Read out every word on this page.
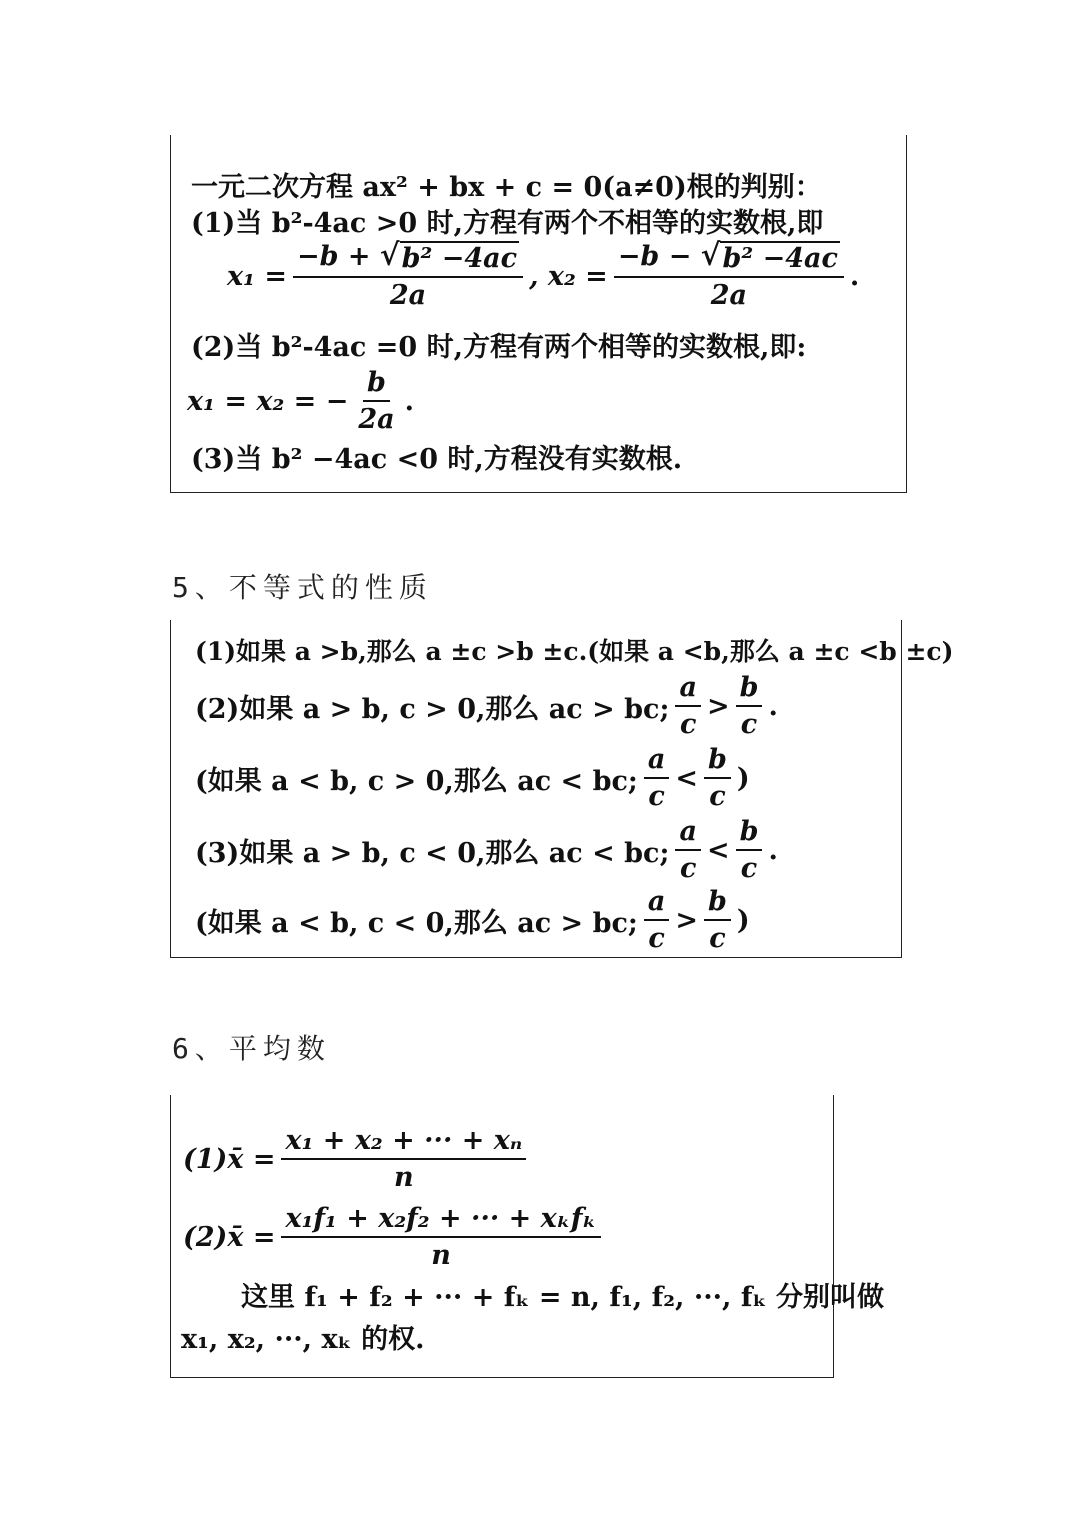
一元二次方程 ax² + bx + c = 0(a≠0)根的判别：
(1)当 b²-4ac >0 时,方程有两个不相等的实数根,即
$x_1 = \frac{\text{−b + √ b² −4ac}}{2a}$ , $x_2 = \frac{\text{−b − √ b² −4ac}}{2a}$ .
(2)当 b²-4ac =0 时,方程有两个相等的实数根,即:
x₁ = x₂ = − $\frac{b}{2a}$ .
(3)当 b² −4ac <0 时,方程没有实数根.
5、不等式的性质
(1)如果 a >b,那么 a ±c >b ±c.(如果 a <b,那么 a ±c <b ±c)
(2)如果 a > b, c > 0,那么 ac > bc; $\frac{a}{c} > \frac{b}{c}$ .
(如果 a < b, c > 0,那么 ac < bc; $\frac{a}{c} < \frac{b}{c}$ )
(3)如果 a > b, c < 0,那么 ac < bc; $\frac{a}{c} < \frac{b}{c}$ .
(如果 a < b, c < 0,那么 ac > bc; $\frac{a}{c} > \frac{b}{c}$ )
6、平均数
(1)x̄ = $\frac{\text{x₁ + x₂ + ··· + xₙ}}{n}$
(2)x̄ = $\frac{\text{x₁f₁ + x₂f₂ + ··· + xₖfₖ}}{n}$
这里 f₁ + f₂ + ··· + fₖ = n, f₁, f₂, ···, fₖ 分别叫做
x₁, x₂, ···, xₖ 的权.
